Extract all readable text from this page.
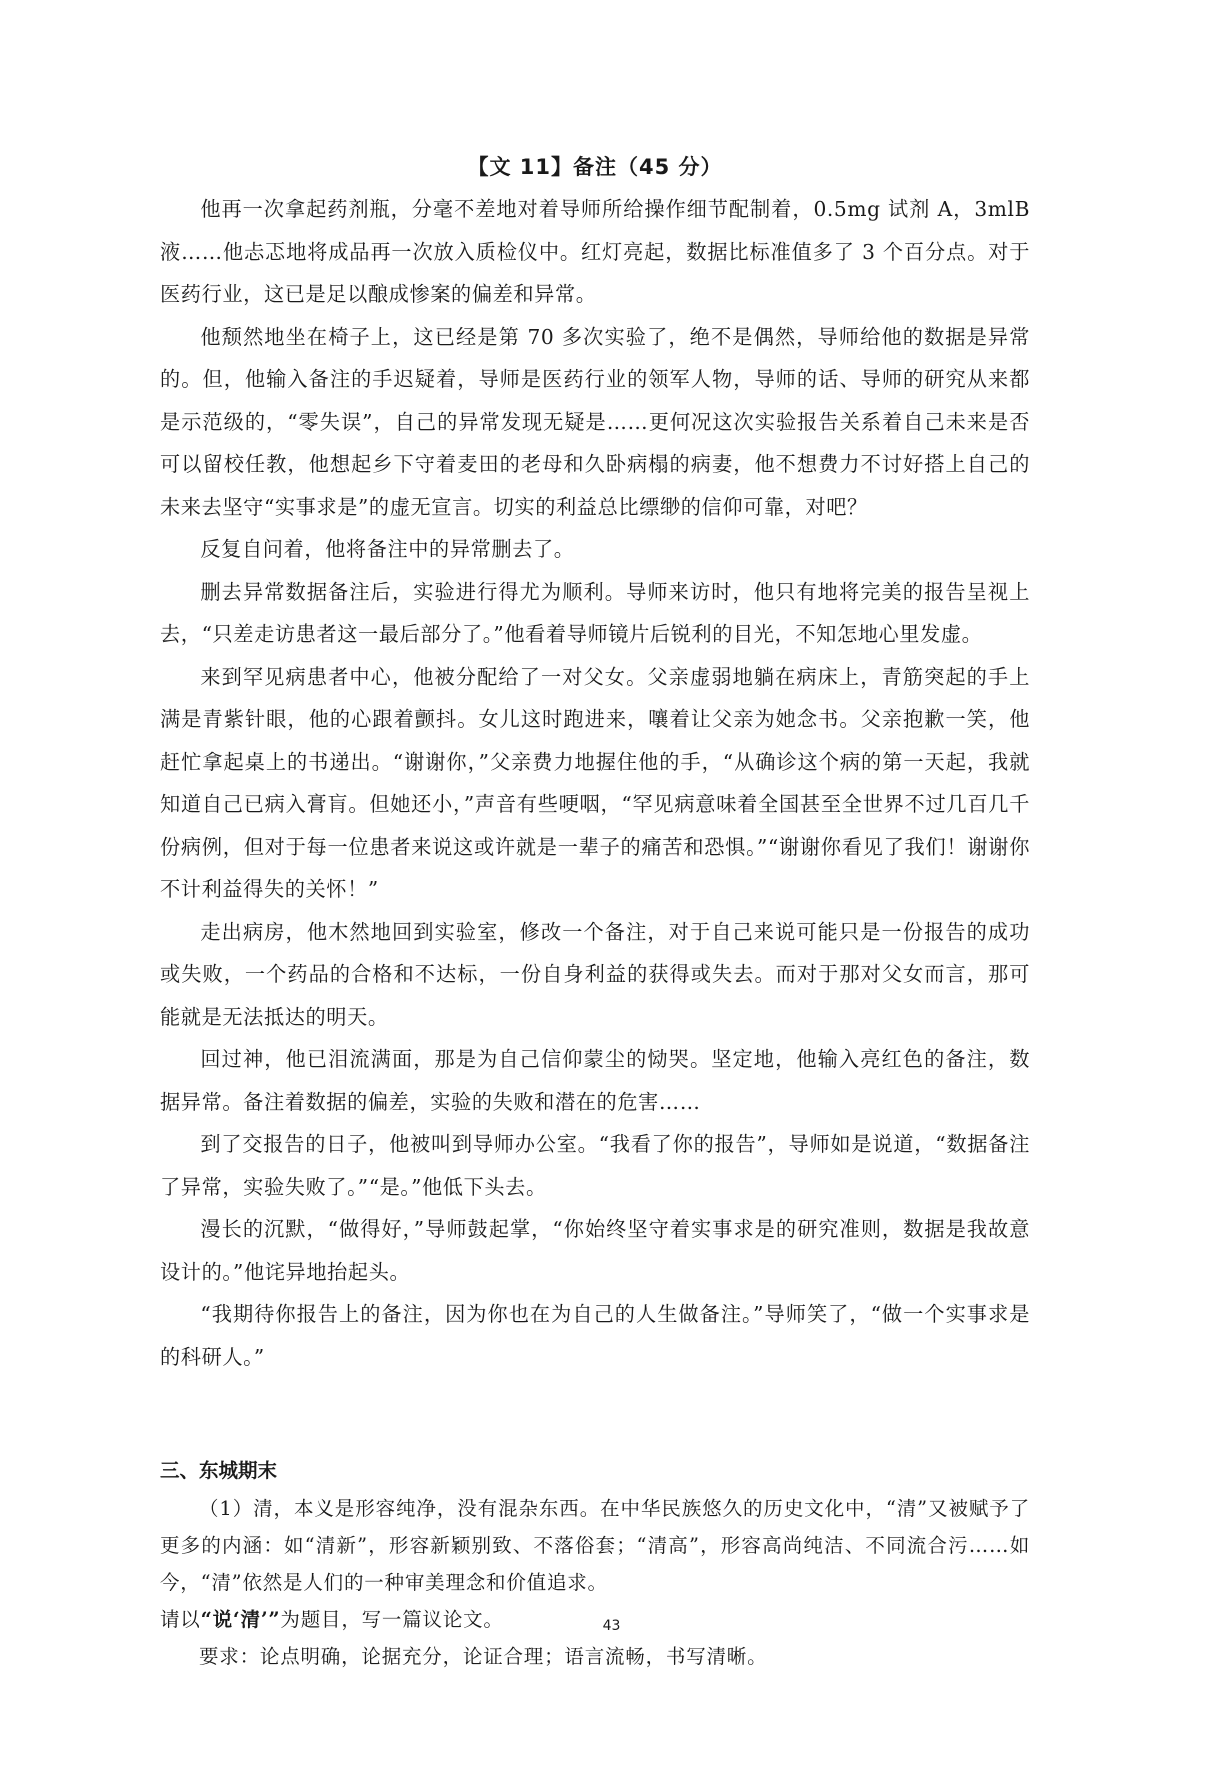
【文 11】备注（45 分）

他再一次拿起药剂瓶，分毫不差地对着导师所给操作细节配制着，0.5mg 试剂 A，3mlB 液……他忐忑地将成品再一次放入质检仪中。红灯亮起，数据比标准值多了 3 个百分点。对于医药行业，这已是足以酿成惨案的偏差和异常。

他颓然地坐在椅子上，这已经是第 70 多次实验了，绝不是偶然，导师给他的数据是异常的。但，他输入备注的手迟疑着，导师是医药行业的领军人物，导师的话、导师的研究从来都是示范级的，“零失误”，自己的异常发现无疑是……更何况这次实验报告关系着自己未来是否可以留校任教，他想起乡下守着麦田的老母和久卧病榻的病妻，他不想费力不讨好搭上自己的未来去坚守“实事求是”的虚无宣言。切实的利益总比缥缈的信仰可靠，对吧？

反复自问着，他将备注中的异常删去了。

删去异常数据备注后，实验进行得尤为顺利。导师来访时，他只有地将完美的报告呈视上去，“只差走访患者这一最后部分了。”他看着导师镜片后锐利的目光，不知怎地心里发虚。

来到罕见病患者中心，他被分配给了一对父女。父亲虚弱地躺在病床上，青筋突起的手上满是青紫针眼，他的心跟着颤抖。女儿这时跑进来，嚷着让父亲为她念书。父亲抱歉一笑，他赶忙拿起桌上的书递出。“谢谢你，”父亲费力地握住他的手，“从确诊这个病的第一天起，我就知道自己已病入膏肓。但她还小，”声音有些哽咽，“罕见病意味着全国甚至全世界不过几百几千份病例，但对于每一位患者来说这或许就是一辈子的痛苦和恐惧。”“谢谢你看见了我们！谢谢你不计利益得失的关怀！”

走出病房，他木然地回到实验室，修改一个备注，对于自己来说可能只是一份报告的成功或失败，一个药品的合格和不达标，一份自身利益的获得或失去。而对于那对父女而言，那可能就是无法抵达的明天。

回过神，他已泪流满面，那是为自己信仰蒙尘的恸哭。坚定地，他输入亮红色的备注，数据异常。备注着数据的偏差，实验的失败和潜在的危害……

到了交报告的日子，他被叫到导师办公室。“我看了你的报告”，导师如是说道，“数据备注了异常，实验失败了。”“是。”他低下头去。

漫长的沉默，“做得好，”导师鼓起掌，“你始终坚守着实事求是的研究准则，数据是我故意设计的。”他诧异地抬起头。

“我期待你报告上的备注，因为你也在为自己的人生做备注。”导师笑了，“做一个实事求是的科研人。”

三、东城期末

（1）清，本义是形容纯净，没有混杂东西。在中华民族悠久的历史文化中，“清”又被赋予了更多的内涵：如“清新”，形容新颖别致、不落俗套；“清高”，形容高尚纯洁、不同流合污……如今，“清”依然是人们的一种审美理念和价值追求。

请以“说‘清’”为题目，写一篇议论文。

要求：论点明确，论据充分，论证合理；语言流畅，书写清晰。

43
